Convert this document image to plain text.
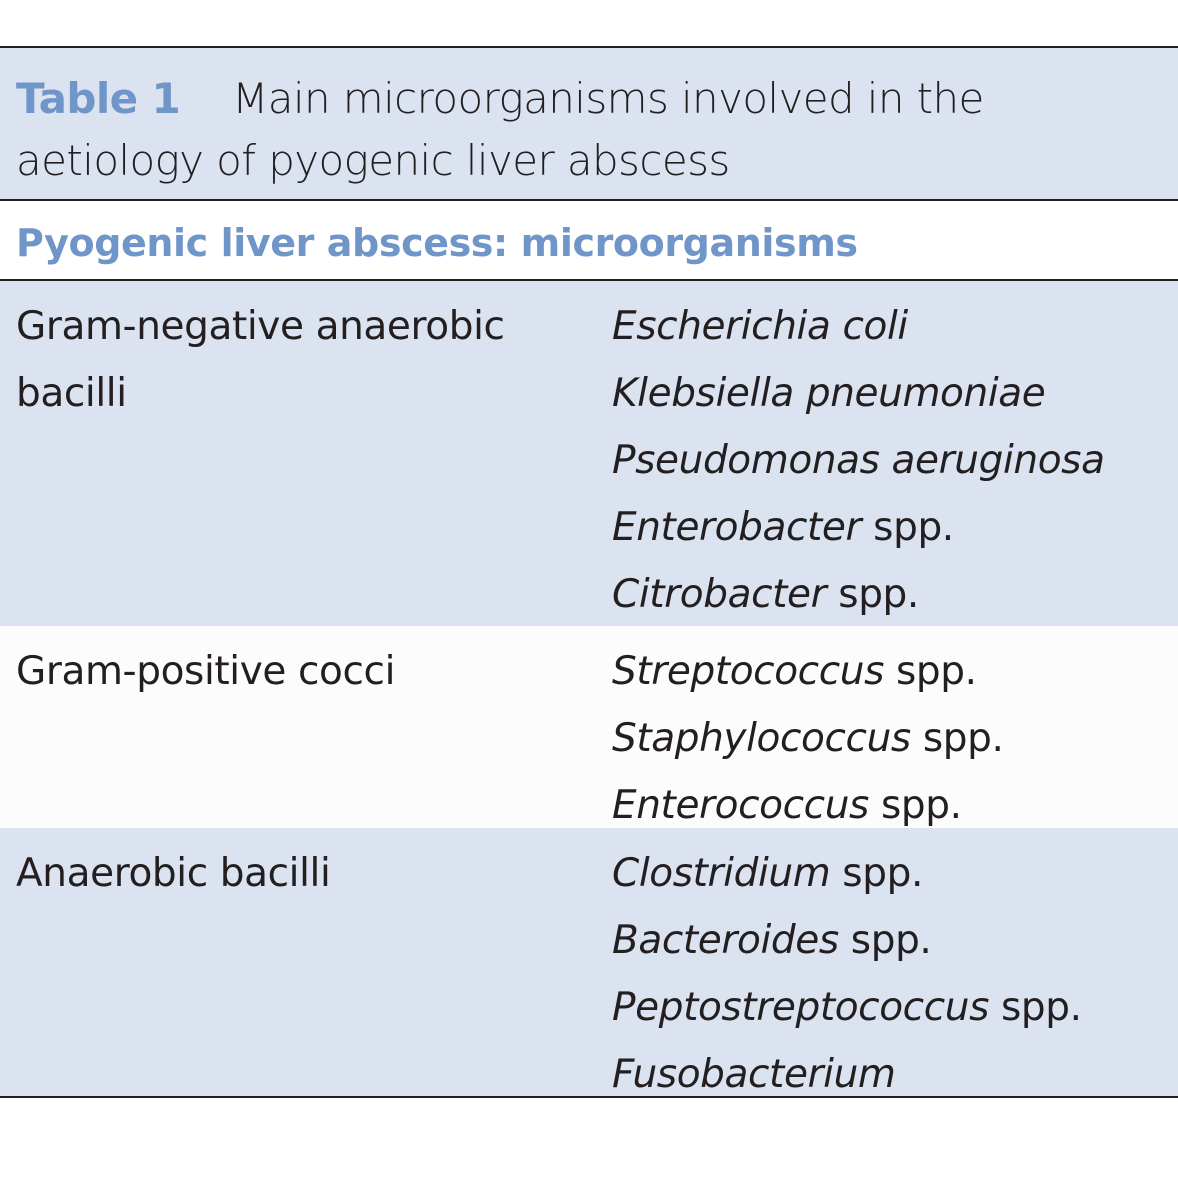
Table 1 Main microorganisms involved in the aetiology of pyogenic liver abscess
Pyogenic liver abscess: microorganisms
Gram-negative anaerobic bacilli
Escherichia coli
Klebsiella pneumoniae
Pseudomonas aeruginosa
Enterobacter spp.
Citrobacter spp.
Gram-positive cocci	Streptococcus spp.
Staphylococcus spp.
Enterococcus spp.
Anaerobic bacilli	Clostridium spp.
Bacteroides spp.
Peptostreptococcus spp.
Fusobacterium
